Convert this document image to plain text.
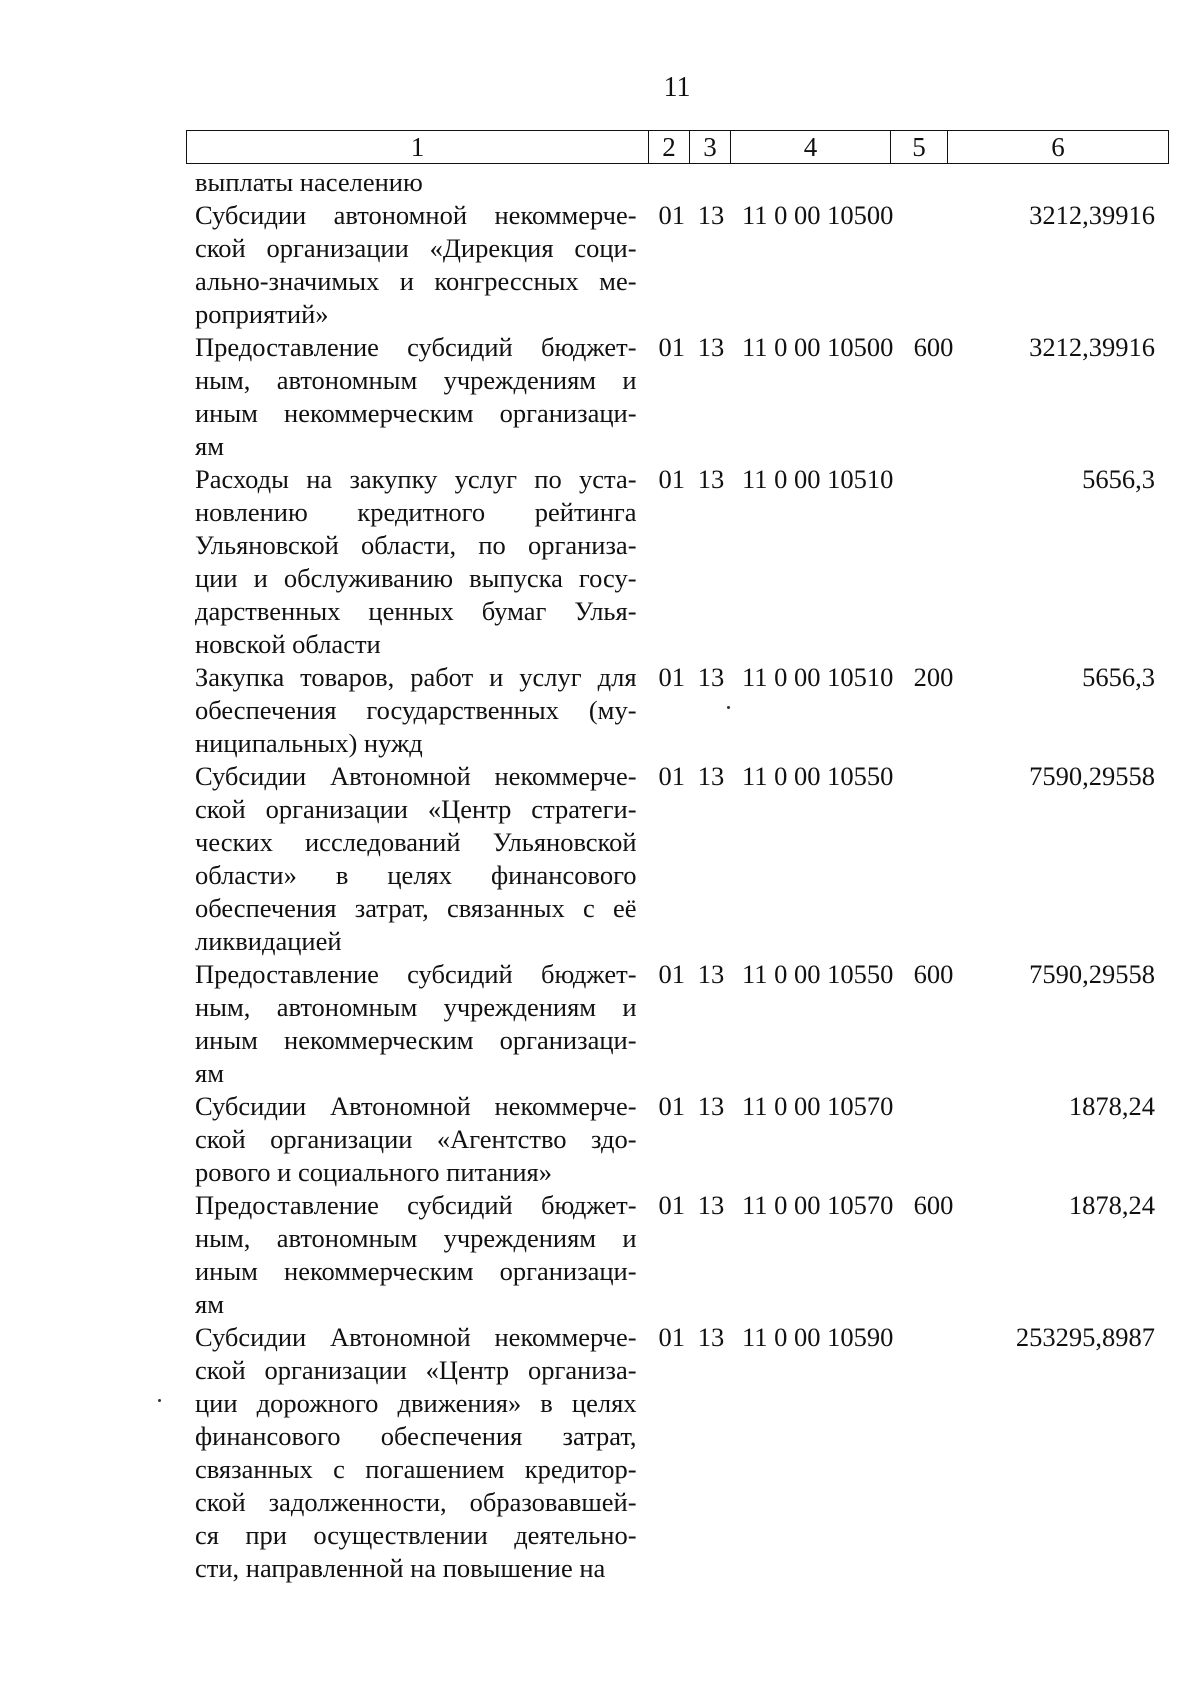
11
1	2	3	4	5	6
выплаты населению
Субсидии автономной некоммерче-
ской организации «Дирекция соци-
ально-значимых и конгрессных ме-
роприятий»
01 13 11 0 00 10500	3212,39916
Предоставление субсидий бюджет-
ным, автономным учреждениям и
иным некоммерческим организаци-
ям
01 13 11 0 00 10500 600	3212,39916
Расходы на закупку услуг по уста-
новлению кредитного рейтинга
Ульяновской области, по организа-
ции и обслуживанию выпуска госу-
дарственных ценных бумаг Улья-
новской области
01 13 11 0 00 10510	5656,3
Закупка товаров, работ и услуг для
обеспечения государственных (му-
ниципальных) нужд
01 13 11 0 00 10510 200	5656,3
Субсидии Автономной некоммерче-
ской организации «Центр стратеги-
ческих исследований Ульяновской
области» в целях финансового
обеспечения затрат, связанных с её
ликвидацией
01 13 11 0 00 10550	7590,29558
Предоставление субсидий бюджет-
ным, автономным учреждениям и
иным некоммерческим организаци-
ям
01 13 11 0 00 10550 600	7590,29558
Субсидии Автономной некоммерче-
ской организации «Агентство здо-
рового и социального питания»
01 13 11 0 00 10570	1878,24
Предоставление субсидий бюджет-
ным, автономным учреждениям и
иным некоммерческим организаци-
ям
01 13 11 0 00 10570 600	1878,24
Субсидии Автономной некоммерче-
ской организации «Центр организа-
ции дорожного движения» в целях
финансового обеспечения затрат,
связанных с погашением кредитор-
ской задолженности, образовавшей-
ся при осуществлении деятельно-
сти, направленной на повышение на
01 13 11 0 00 10590	253295,8987
